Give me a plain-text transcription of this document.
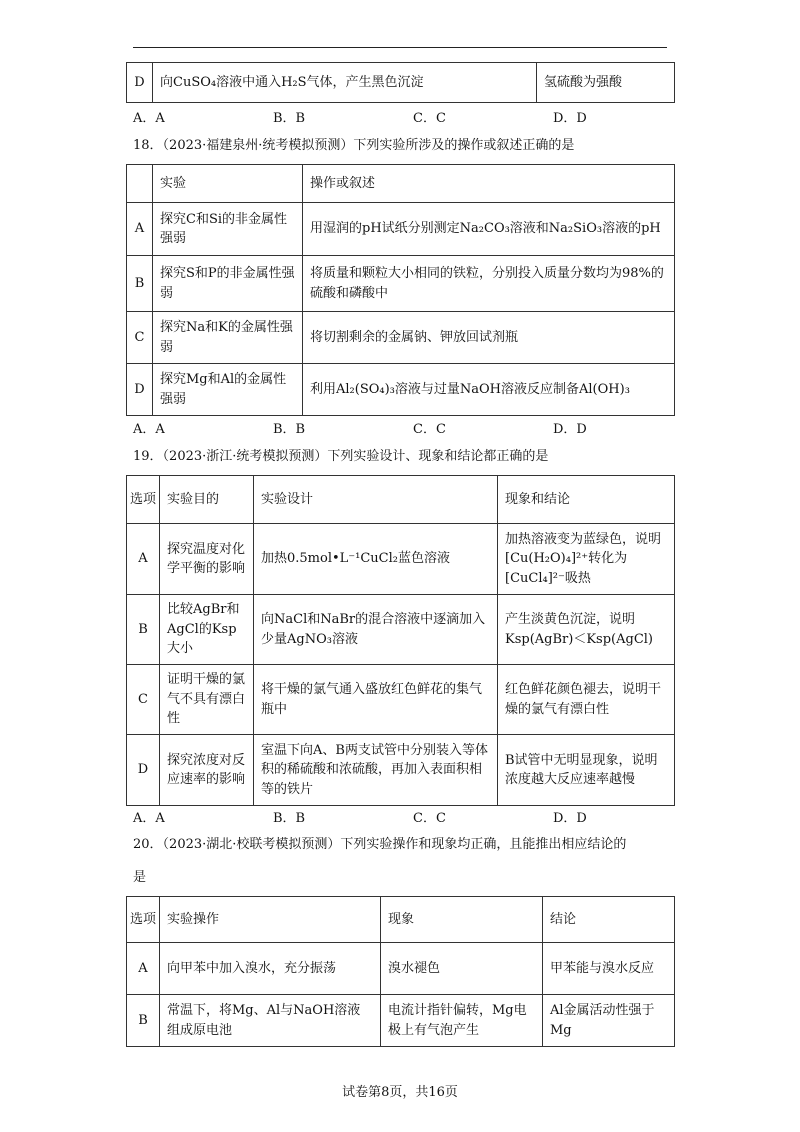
D	向CuSO₄溶液中通入H₂S气体，产生黑色沉淀	氢硫酸为强酸
A．A	B．B	C．C	D．D
18．（2023·福建泉州·统考模拟预测）下列实验所涉及的操作或叙述正确的是
	实验	操作或叙述
A	探究C和Si的非金属性强弱	用湿润的pH试纸分别测定Na₂CO₃溶液和Na₂SiO₃溶液的pH
B	探究S和P的非金属性强弱	将质量和颗粒大小相同的铁粒，分别投入质量分数均为98%的硫酸和磷酸中
C	探究Na和K的金属性强弱	将切割剩余的金属钠、钾放回试剂瓶
D	探究Mg和Al的金属性强弱	利用Al₂(SO₄)₃溶液与过量NaOH溶液反应制备Al(OH)₃
A．A	B．B	C．C	D．D
19．（2023·浙江·统考模拟预测）下列实验设计、现象和结论都正确的是
选项	实验目的	实验设计	现象和结论
A	探究温度对化学平衡的影响	加热0.5mol•L⁻¹CuCl₂蓝色溶液	加热溶液变为蓝绿色，说明[Cu(H₂O)₄]²⁺转化为[CuCl₄]²⁻吸热
B	比较AgBr和AgCl的Ksp大小	向NaCl和NaBr的混合溶液中逐滴加入少量AgNO₃溶液	产生淡黄色沉淀，说明Ksp(AgBr)＜Ksp(AgCl)
C	证明干燥的氯气不具有漂白性	将干燥的氯气通入盛放红色鲜花的集气瓶中	红色鲜花颜色褪去，说明干燥的氯气有漂白性
D	探究浓度对反应速率的影响	室温下向A、B两支试管中分别装入等体积的稀硫酸和浓硫酸，再加入表面积相等的铁片	B试管中无明显现象，说明浓度越大反应速率越慢
A．A	B．B	C．C	D．D
20．（2023·湖北·校联考模拟预测）下列实验操作和现象均正确，且能推出相应结论的
是
选项	实验操作	现象	结论
A	向甲苯中加入溴水，充分振荡	溴水褪色	甲苯能与溴水反应
B	常温下，将Mg、Al与NaOH溶液组成原电池	电流计指针偏转，Mg电极上有气泡产生	Al金属活动性强于Mg
试卷第8页，共16页
